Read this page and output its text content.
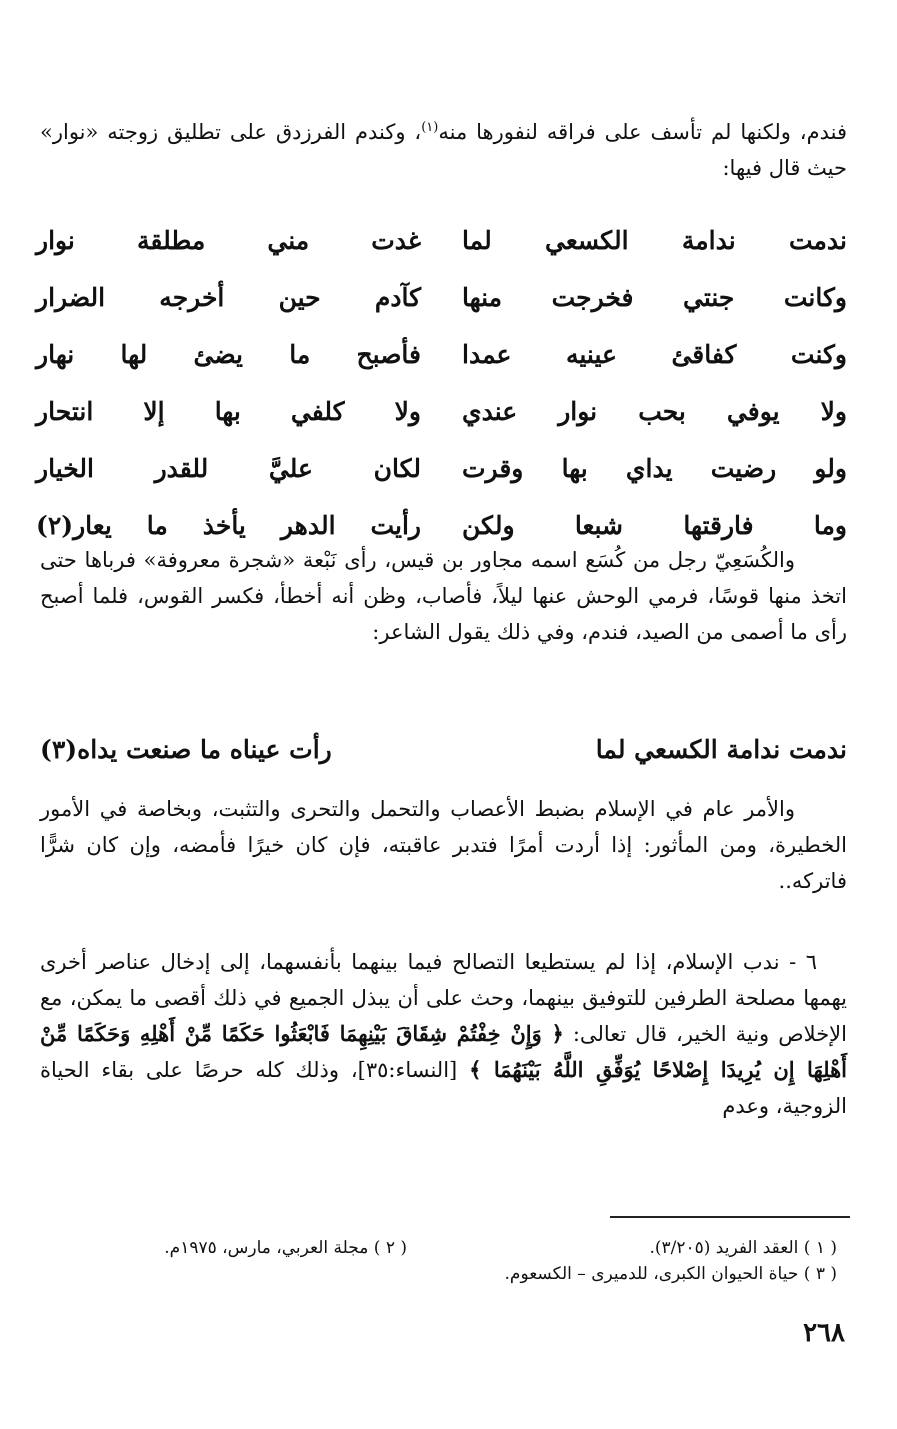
فندم، ولكنها لم تأسف على فراقه لنفورها منه$^{(١)}$، وكندم الفرزدق على تطليق زوجته «نوار» حيث قال فيها:
ندمت ندامة الكسعي لما
غدت مني مطلقة نوار
وكانت جنتي فخرجت منها
كآدم حين أخرجه الضرار
وكنت كفاقئ عينيه عمدا
فأصبح ما يضئ لها نهار
ولا يوفي بحب نوار عندي
ولا كلفي بها إلا انتحار
ولو رضيت يداي بها وقرت
لكان عليَّ للقدر الخيار
وما فارقتها شبعا ولكن
رأيت الدهر يأخذ ما يعار(٢)
والكُسَعِيّ رجل من كُسَع اسمه مجاور بن قيس، رأى نَبْعة «شجرة معروفة» فرباها حتى اتخذ منها قوسًا، فرمي الوحش عنها ليلاً، فأصاب، وظن أنه أخطأ، فكسر القوس، فلما أصبح رأى ما أصمى من الصيد، فندم، وفي ذلك يقول الشاعر:
ندمت ندامة الكسعي لما
رأت عيناه ما صنعت يداه(٣)
والأمر عام في الإسلام بضبط الأعصاب والتحمل والتحرى والتثبت، وبخاصة في الأمور الخطيرة، ومن المأثور: إذا أردت أمرًا فتدبر عاقبته، فإن كان خيرًا فأمضه، وإن كان شرًّا فاتركه..
٦ - ندب الإسلام، إذا لم يستطيعا التصالح فيما بينهما بأنفسهما، إلى إدخال عناصر أخرى يهمها مصلحة الطرفين للتوفيق بينهما، وحث على أن يبذل الجميع في ذلك أقصى ما يمكن، مع الإخلاص ونية الخير، قال تعالى: ﴿ وَإِنْ خِفْتُمْ شِقَاقَ بَيْنِهِمَا فَابْعَثُوا حَكَمًا مِّنْ أَهْلِهِ وَحَكَمًا مِّنْ أَهْلِهَا إِن يُرِيدَا إِصْلاحًا يُوَفِّقِ اللَّهُ بَيْنَهُمَا ﴾ [النساء:٣٥]، وذلك كله حرصًا على بقاء الحياة الزوجية، وعدم
( ١ ) العقد الفريد (٣/٢٠٥).
( ٢ ) مجلة العربي، مارس، ١٩٧٥م.
( ٣ ) حياة الحيوان الكبرى، للدميرى – الكسعوم.
٢٦٨
